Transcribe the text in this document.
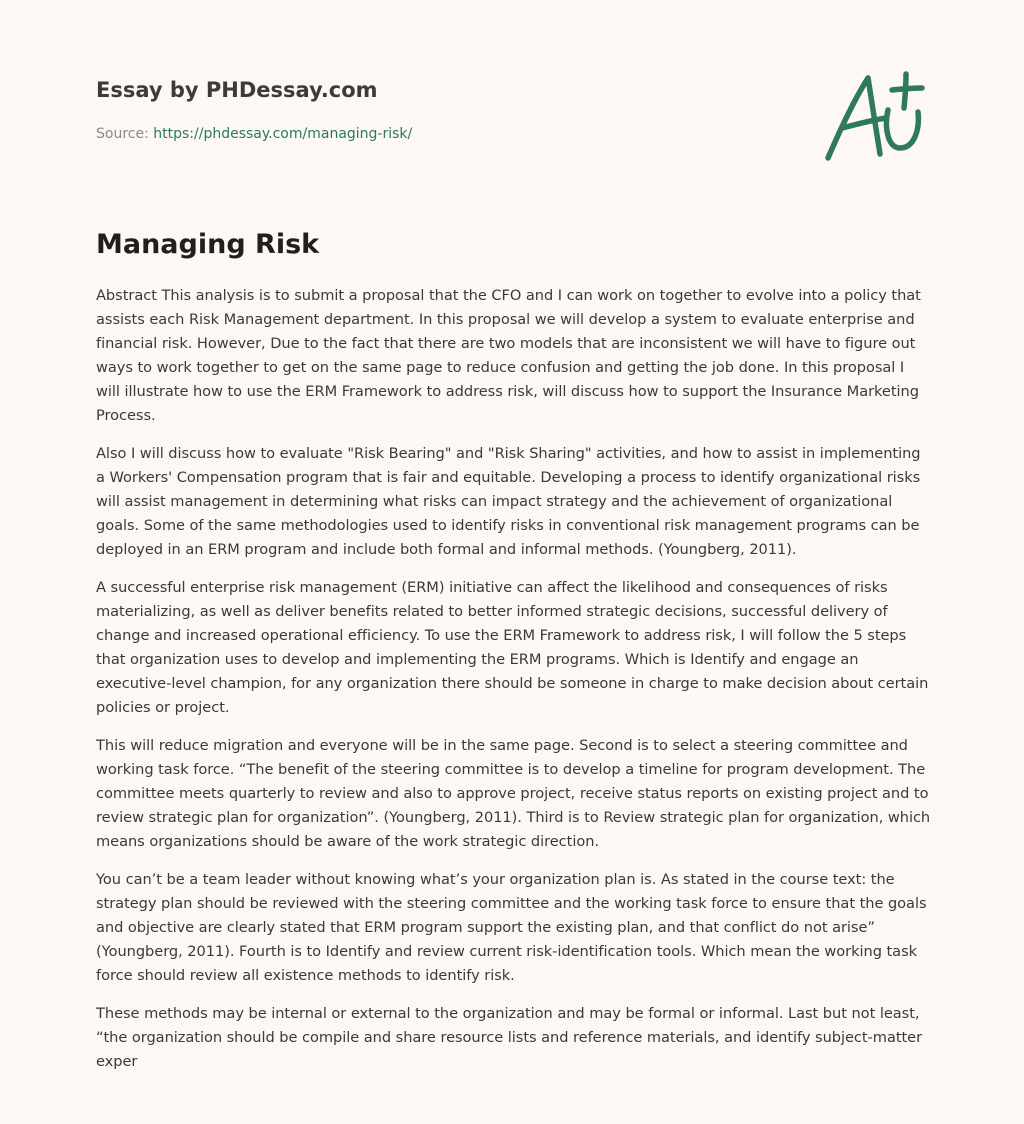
Essay by PHDessay.com
Source: https://phdessay.com/managing-risk/
Managing Risk

Abstract This analysis is to submit a proposal that the CFO and I can work on together to evolve into a policy that assists each Risk Management department. In this proposal we will develop a system to evaluate enterprise and financial risk. However, Due to the fact that there are two models that are inconsistent we will have to figure out ways to work together to get on the same page to reduce confusion and getting the job done. In this proposal I will illustrate how to use the ERM Framework to address risk, will discuss how to support the Insurance Marketing Process.

Also I will discuss how to evaluate "Risk Bearing" and "Risk Sharing" activities, and how to assist in implementing a Workers' Compensation program that is fair and equitable. Developing a process to identify organizational risks will assist management in determining what risks can impact strategy and the achievement of organizational goals. Some of the same methodologies used to identify risks in conventional risk management programs can be deployed in an ERM program and include both formal and informal methods. (Youngberg, 2011).

A successful enterprise risk management (ERM) initiative can affect the likelihood and consequences of risks materializing, as well as deliver benefits related to better informed strategic decisions, successful delivery of change and increased operational efficiency. To use the ERM Framework to address risk, I will follow the 5 steps that organization uses to develop and implementing the ERM programs. Which is Identify and engage an executive-level champion, for any organization there should be someone in charge to make decision about certain policies or project.

This will reduce migration and everyone will be in the same page. Second is to select a steering committee and working task force. “The benefit of the steering committee is to develop a timeline for program development. The committee meets quarterly to review and also to approve project, receive status reports on existing project and to review strategic plan for organization”. (Youngberg, 2011). Third is to Review strategic plan for organization, which means organizations should be aware of the work strategic direction.

You can’t be a team leader without knowing what’s your organization plan is. As stated in the course text: the strategy plan should be reviewed with the steering committee and the working task force to ensure that the goals and objective are clearly stated that ERM program support the existing plan, and that conflict do not arise” (Youngberg, 2011). Fourth is to Identify and review current risk-identification tools. Which mean the working task force should review all existence methods to identify risk.

These methods may be internal or external to the organization and may be formal or informal. Last but not least, “the organization should be compile and share resource lists and reference materials, and identify subject-matter exper
